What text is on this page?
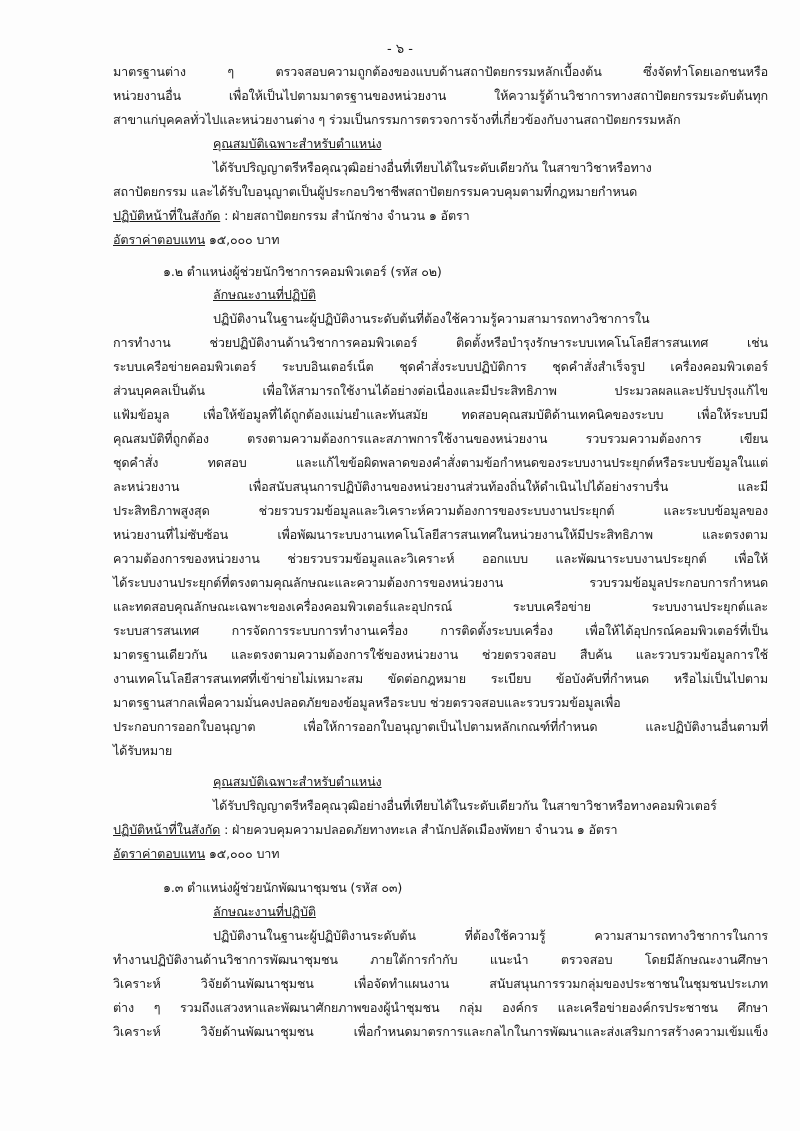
- ๖ -
มาตรฐานต่าง ๆ ตรวจสอบความถูกต้องของแบบด้านสถาปัตยกรรมหลักเบื้องต้น ซึ่งจัดทำโดยเอกชนหรือ
หน่วยงานอื่น เพื่อให้เป็นไปตามมาตรฐานของหน่วยงาน ให้ความรู้ด้านวิชาการทางสถาปัตยกรรมระดับต้นทุก
สาขาแก่บุคคลทั่วไปและหน่วยงานต่าง ๆ ร่วมเป็นกรรมการตรวจการจ้างที่เกี่ยวข้องกับงานสถาปัตยกรรมหลัก
คุณสมบัติเฉพาะสำหรับตำแหน่ง
ได้รับปริญญาตรีหรือคุณวุฒิอย่างอื่นที่เทียบได้ในระดับเดียวกัน ในสาขาวิชาหรือทาง
สถาปัตยกรรม และได้รับใบอนุญาตเป็นผู้ประกอบวิชาชีพสถาปัตยกรรมควบคุมตามที่กฎหมายกำหนด
ปฏิบัติหน้าที่ในสังกัด : ฝ่ายสถาปัตยกรรม สำนักช่าง จำนวน ๑ อัตรา
อัตราค่าตอบแทน ๑๕,๐๐๐ บาท
๑.๒ ตำแหน่งผู้ช่วยนักวิชาการคอมพิวเตอร์ (รหัส ๐๒)
ลักษณะงานที่ปฏิบัติ
ปฏิบัติงานในฐานะผู้ปฏิบัติงานระดับต้นที่ต้องใช้ความรู้ความสามารถทางวิชาการใน
การทำงาน ช่วยปฏิบัติงานด้านวิชาการคอมพิวเตอร์ ติดตั้งหรือบำรุงรักษาระบบเทคโนโลยีสารสนเทศ เช่น
ระบบเครือข่ายคอมพิวเตอร์ ระบบอินเตอร์เน็ต ชุดคำสั่งระบบปฏิบัติการ ชุดคำสั่งสำเร็จรูป เครื่องคอมพิวเตอร์
ส่วนบุคคลเป็นต้น เพื่อให้สามารถใช้งานได้อย่างต่อเนื่องและมีประสิทธิภาพ ประมวลผลและปรับปรุงแก้ไข
แฟ้มข้อมูล เพื่อให้ข้อมูลที่ได้ถูกต้องแม่นยำและทันสมัย ทดสอบคุณสมบัติด้านเทคนิคของระบบ เพื่อให้ระบบมี
คุณสมบัติที่ถูกต้อง ตรงตามความต้องการและสภาพการใช้งานของหน่วยงาน รวบรวมความต้องการ เขียน
ชุดคำสั่ง ทดสอบ และแก้ไขข้อผิดพลาดของคำสั่งตามข้อกำหนดของระบบงานประยุกต์หรือระบบข้อมูลในแต่
ละหน่วยงาน เพื่อสนับสนุนการปฏิบัติงานของหน่วยงานส่วนท้องถิ่นให้ดำเนินไปได้อย่างราบรื่น และมี
ประสิทธิภาพสูงสุด ช่วยรวบรวมข้อมูลและวิเคราะห์ความต้องการของระบบงานประยุกต์ และระบบข้อมูลของ
หน่วยงานที่ไม่ซับซ้อน เพื่อพัฒนาระบบงานเทคโนโลยีสารสนเทศในหน่วยงานให้มีประสิทธิภาพ และตรงตาม
ความต้องการของหน่วยงาน ช่วยรวบรวมข้อมูลและวิเคราะห์ ออกแบบ และพัฒนาระบบงานประยุกต์ เพื่อให้
ได้ระบบงานประยุกต์ที่ตรงตามคุณลักษณะและความต้องการของหน่วยงาน รวบรวมข้อมูลประกอบการกำหนด
และทดสอบคุณลักษณะเฉพาะของเครื่องคอมพิวเตอร์และอุปกรณ์ ระบบเครือข่าย ระบบงานประยุกต์และ
ระบบสารสนเทศ การจัดการระบบการทำงานเครื่อง การติดตั้งระบบเครื่อง เพื่อให้ได้อุปกรณ์คอมพิวเตอร์ที่เป็น
มาตรฐานเดียวกัน และตรงตามความต้องการใช้ของหน่วยงาน ช่วยตรวจสอบ สืบค้น และรวบรวมข้อมูลการใช้
งานเทคโนโลยีสารสนเทศที่เข้าข่ายไม่เหมาะสม ขัดต่อกฎหมาย ระเบียบ ข้อบังคับที่กำหนด หรือไม่เป็นไปตาม
มาตรฐานสากลเพื่อความมั่นคงปลอดภัยของข้อมูลหรือระบบ ช่วยตรวจสอบและรวบรวมข้อมูลเพื่อ
ประกอบการออกใบอนุญาต เพื่อให้การออกใบอนุญาตเป็นไปตามหลักเกณฑ์ที่กำหนด และปฏิบัติงานอื่นตามที่
ได้รับหมาย
คุณสมบัติเฉพาะสำหรับตำแหน่ง
ได้รับปริญญาตรีหรือคุณวุฒิอย่างอื่นที่เทียบได้ในระดับเดียวกัน ในสาขาวิชาหรือทางคอมพิวเตอร์
ปฏิบัติหน้าที่ในสังกัด : ฝ่ายควบคุมความปลอดภัยทางทะเล สำนักปลัดเมืองพัทยา จำนวน ๑ อัตรา
อัตราค่าตอบแทน ๑๕,๐๐๐ บาท
๑.๓ ตำแหน่งผู้ช่วยนักพัฒนาชุมชน (รหัส ๐๓)
ลักษณะงานที่ปฏิบัติ
ปฏิบัติงานในฐานะผู้ปฏิบัติงานระดับต้น ที่ต้องใช้ความรู้ ความสามารถทางวิชาการในการ
ทำงานปฏิบัติงานด้านวิชาการพัฒนาชุมชน ภายใต้การกำกับ แนะนำ ตรวจสอบ โดยมีลักษณะงานศึกษา
วิเคราะห์ วิจัยด้านพัฒนาชุมชน เพื่อจัดทำแผนงาน สนับสนุนการรวมกลุ่มของประชาชนในชุมชนประเภท
ต่าง ๆ รวมถึงแสวงหาและพัฒนาศักยภาพของผู้นำชุมชน กลุ่ม องค์กร และเครือข่ายองค์กรประชาชน ศึกษา
วิเคราะห์ วิจัยด้านพัฒนาชุมชน เพื่อกำหนดมาตรการและกลไกในการพัฒนาและส่งเสริมการสร้างความเข้มแข็ง
